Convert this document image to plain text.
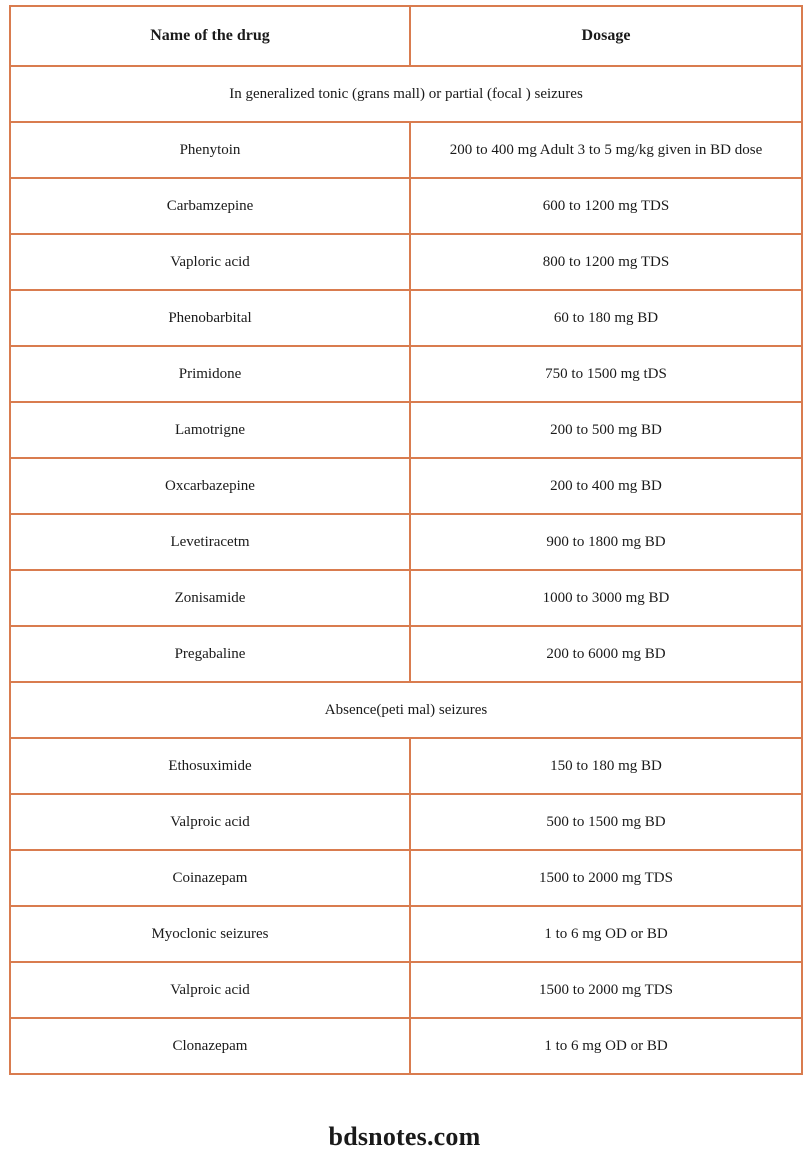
Name of the drug	Dosage
In generalized tonic (grans mall) or partial (focal ) seizures	
Phenytoin	200 to 400 mg Adult 3 to 5 mg/kg given in BD dose
Carbamzepine	600 to 1200 mg TDS
Vaploric acid	800 to 1200 mg TDS
Phenobarbital	60 to 180 mg BD
Primidone	750 to 1500 mg tDS
Lamotrigne	200 to 500 mg BD
Oxcarbazepine	200 to 400 mg BD
Levetiracetm	900 to 1800 mg BD
Zonisamide	1000 to 3000 mg BD
Pregabaline	200 to 6000 mg BD
Absence(peti mal) seizures	
Ethosuximide	150 to 180 mg BD
Valproic acid	500 to 1500 mg BD
Coinazepam	1500 to 2000 mg TDS
Myoclonic seizures	1 to 6 mg OD or BD
Valproic acid	1500 to 2000 mg TDS
Clonazepam	1 to 6 mg OD or BD
bdsnotes.com
